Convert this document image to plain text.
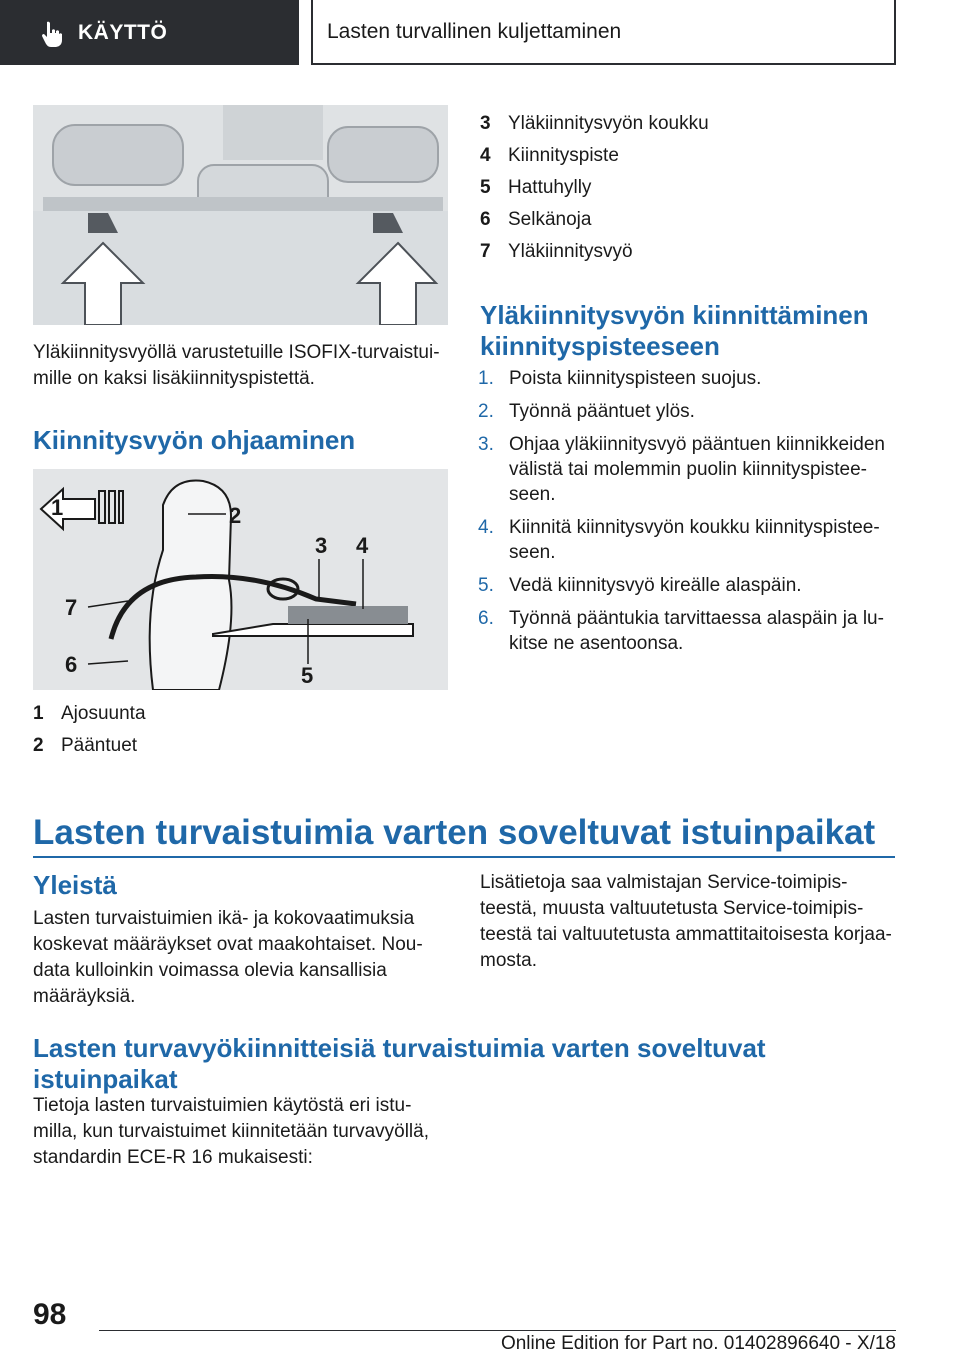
KÄYTTÖ	Lasten turvallinen kuljettaminen
Yläkiinnitysvyöllä varustetuille ISOFIX-turvaistuimille on kaksi lisäkiinnityspistettä.
Kiinnitysvyön ohjaaminen
1	2
3 4
5
6
7
1 Ajosuunta
2 Pääntuet
3 Yläkiinnitysvyön koukku
4 Kiinnityspiste
5 Hattuhylly
6 Selkänoja
7 Yläkiinnitysvyö
Yläkiinnitysvyön kiinnittäminen kiinnityspisteeseen
1. Poista kiinnityspisteen suojus.
2. Työnnä pääntuet ylös.
3. Ohjaa yläkiinnitysvyö pääntuen kiinnikkeiden välistä tai molemmin puolin kiinnityspisteeseen.
4. Kiinnitä kiinnitysvyön koukku kiinnityspisteeseen.
5. Vedä kiinnitysvyö kireälle alaspäin.
6. Työnnä pääntukia tarvittaessa alaspäin ja lukitse ne asentoonsa.
Lasten turvaistuimia varten soveltuvat istuinpaikat
Yleistä
Lasten turvaistuimien ikä- ja kokovaatimuksia koskevat määräykset ovat maakohtaiset. Noudata kulloinkin voimassa olevia kansallisia määräyksiä.
Lisätietoja saa valmistajan Service-toimipisteestä, muusta valtuutetusta Service-toimipisteestä tai valtuutetusta ammattitaitoisesta korjaamosta.
Lasten turvavyökiinnitteisiä turvaistuimia varten soveltuvat istuinpaikat
Tietoja lasten turvaistuimien käytöstä eri istumilla, kun turvaistuimet kiinnitetään turvavyöllä, standardin ECE-R 16 mukaisesti:
98
Online Edition for Part no. 01402896640 - X/18
